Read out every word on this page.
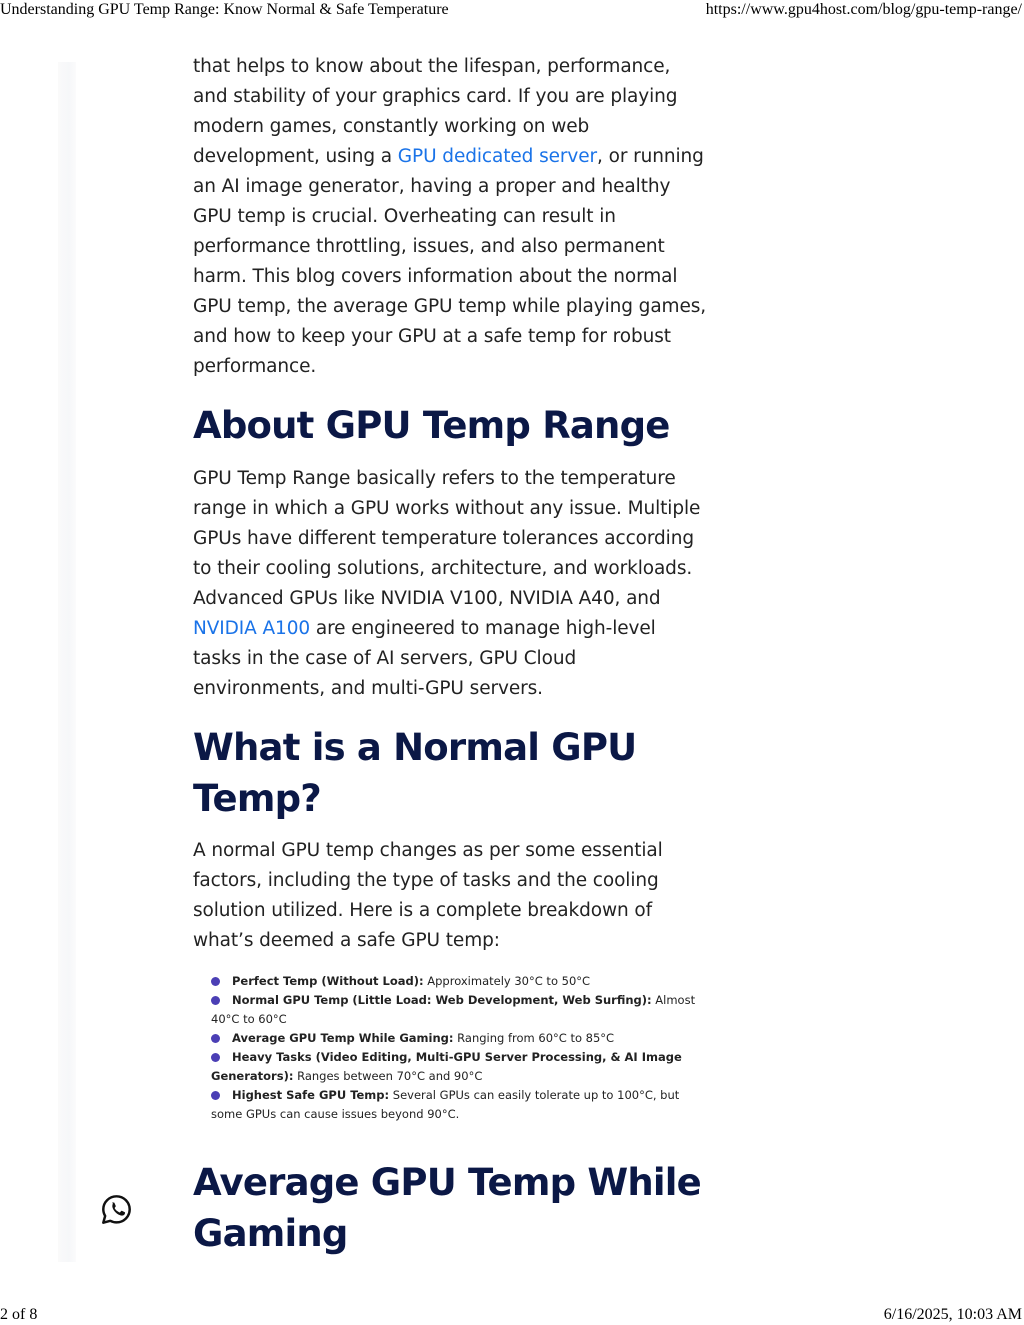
Understanding GPU Temp Range: Know Normal & Safe Temperature	https://www.gpu4host.com/blog/gpu-temp-range/

that helps to know about the lifespan, performance, and stability of your graphics card. If you are playing modern games, constantly working on web development, using a GPU dedicated server, or running an AI image generator, having a proper and healthy GPU temp is crucial. Overheating can result in performance throttling, issues, and also permanent harm. This blog covers information about the normal GPU temp, the average GPU temp while playing games, and how to keep your GPU at a safe temp for robust performance.

About GPU Temp Range

GPU Temp Range basically refers to the temperature range in which a GPU works without any issue. Multiple GPUs have different temperature tolerances according to their cooling solutions, architecture, and workloads. Advanced GPUs like NVIDIA V100, NVIDIA A40, and NVIDIA A100 are engineered to manage high-level tasks in the case of AI servers, GPU Cloud environments, and multi-GPU servers.

What is a Normal GPU Temp?

A normal GPU temp changes as per some essential factors, including the type of tasks and the cooling solution utilized. Here is a complete breakdown of what’s deemed a safe GPU temp:

Average GPU Temp While Gaming
Perfect Temp (Without Load): Approximately 30°C to 50°C
Normal GPU Temp (Little Load: Web Development, Web Surfing): Almost 40°C to 60°C
Average GPU Temp While Gaming: Ranging from 60°C to 85°C
Heavy Tasks (Video Editing, Multi-GPU Server Processing, & AI Image Generators): Ranges between 70°C and 90°C
Highest Safe GPU Temp: Several GPUs can easily tolerate up to 100°C, but some GPUs can cause issues beyond 90°C.
2 of 8	6/16/2025, 10:03 AM
